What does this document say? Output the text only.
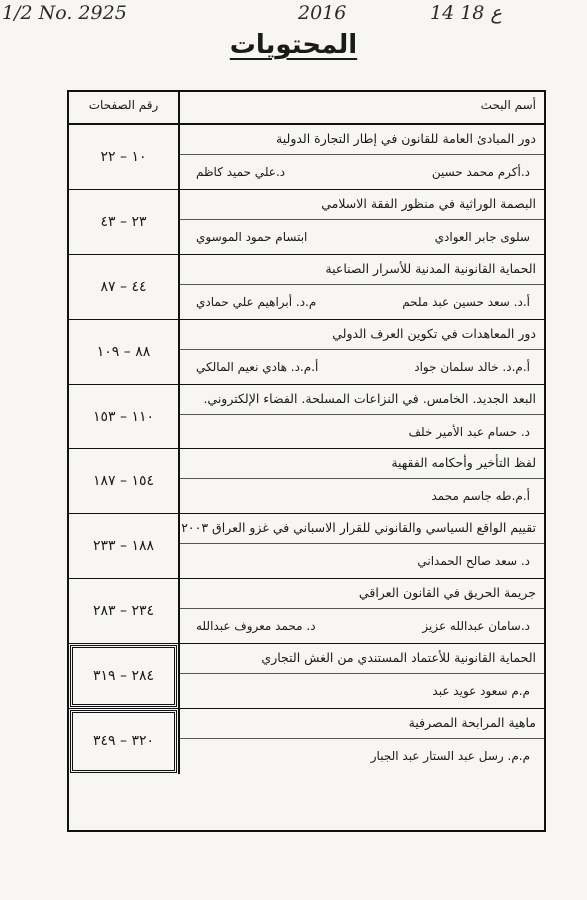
1/2 No. 2925	2016	14 18 ع
المحتويات
أسم البحث
رقم الصفحات
دور المبادئ العامة للقانون في إطار التجارة الدولية
د.أكرم محمد حسين
د.علي حميد كاظم
١٠ – ٢٢
البصمة الوراثية في منظور الفقة الاسلامي
سلوى جابر العوادي
ابتسام حمود الموسوي
٢٣ – ٤٣
الحماية القانونية المدنية للأسرار الصناعية
أ.د. سعد حسين عبد ملحم
م.د. أبراهيم علي حمادي
٤٤ – ٨٧
دور المعاهدات في تكوين العرف الدولي
أ.م.د. خالد سلمان جواد
أ.م.د. هادي نعيم المالكي
٨٨ – ١٠٩
البعد الجديد. الخامس. في النزاعات المسلحة. الفضاء الإلكتروني.
د. حسام عبد الأمير خلف
١١٠ – ١٥٣
لفظ التأخير وأحكامه الفقهية
أ.م.طه جاسم محمد
١٥٤ – ١٨٧
تقييم الواقع السياسي والقانوني للقرار الاسباني في غزو العراق ٢٠٠٣
د. سعد صالح الحمداني
١٨٨ – ٢٣٣
جريمة الحريق في القانون العراقي
د.سامان عبدالله عزيز
د. محمد معروف عبدالله
٢٣٤ – ٢٨٣
الحماية القانونية للأعتماد المستندي من الغش التجاري
م.م سعود عويد عبد
٢٨٤ – ٣١٩
ماهية المرابحة المصرفية
م.م. رسل عبد الستار عبد الجبار
٣٢٠ – ٣٤٩
